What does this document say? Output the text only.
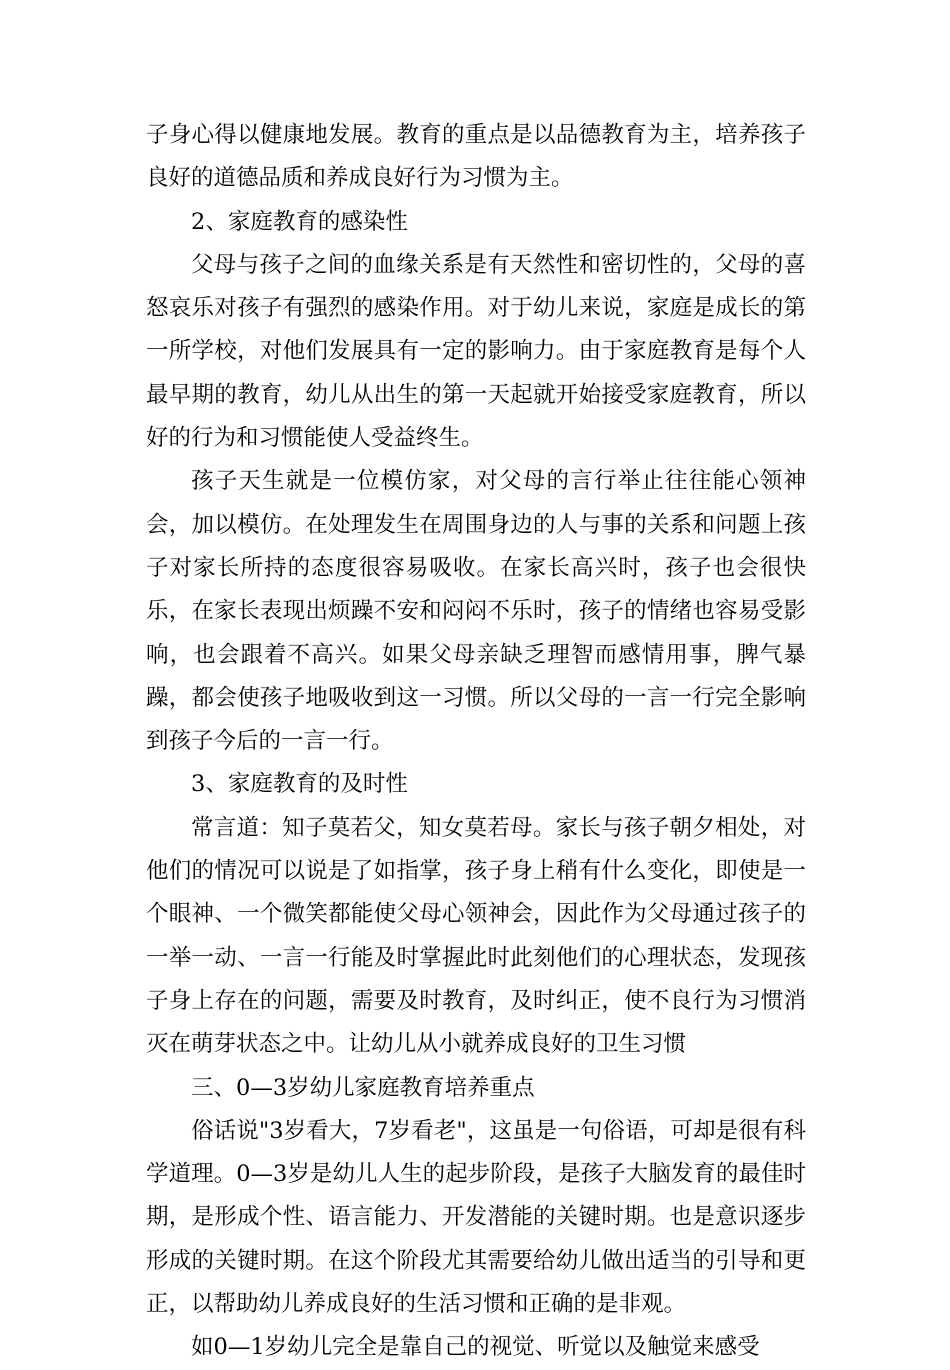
子身心得以健康地发展。教育的重点是以品德教育为主，培养孩子良好的道德品质和养成良好行为习惯为主。

2、家庭教育的感染性

父母与孩子之间的血缘关系是有天然性和密切性的，父母的喜怒哀乐对孩子有强烈的感染作用。对于幼儿来说，家庭是成长的第一所学校，对他们发展具有一定的影响力。由于家庭教育是每个人最早期的教育，幼儿从出生的第一天起就开始接受家庭教育，所以好的行为和习惯能使人受益终生。

孩子天生就是一位模仿家，对父母的言行举止往往能心领神会，加以模仿。在处理发生在周围身边的人与事的关系和问题上孩子对家长所持的态度很容易吸收。在家长高兴时，孩子也会很快乐，在家长表现出烦躁不安和闷闷不乐时，孩子的情绪也容易受影响，也会跟着不高兴。如果父母亲缺乏理智而感情用事，脾气暴躁，都会使孩子地吸收到这一习惯。所以父母的一言一行完全影响到孩子今后的一言一行。

3、家庭教育的及时性

常言道：知子莫若父，知女莫若母。家长与孩子朝夕相处，对他们的情况可以说是了如指掌，孩子身上稍有什么变化，即使是一个眼神、一个微笑都能使父母心领神会，因此作为父母通过孩子的一举一动、一言一行能及时掌握此时此刻他们的心理状态，发现孩子身上存在的问题，需要及时教育，及时纠正，使不良行为习惯消灭在萌芽状态之中。让幼儿从小就养成良好的卫生习惯

三、0—3岁幼儿家庭教育培养重点

俗话说"3岁看大，7岁看老"，这虽是一句俗语，可却是很有科学道理。0—3岁是幼儿人生的起步阶段，是孩子大脑发育的最佳时期，是形成个性、语言能力、开发潜能的关键时期。也是意识逐步形成的关键时期。在这个阶段尤其需要给幼儿做出适当的引导和更正，以帮助幼儿养成良好的生活习惯和正确的是非观。

如0—1岁幼儿完全是靠自己的视觉、听觉以及触觉来感受
